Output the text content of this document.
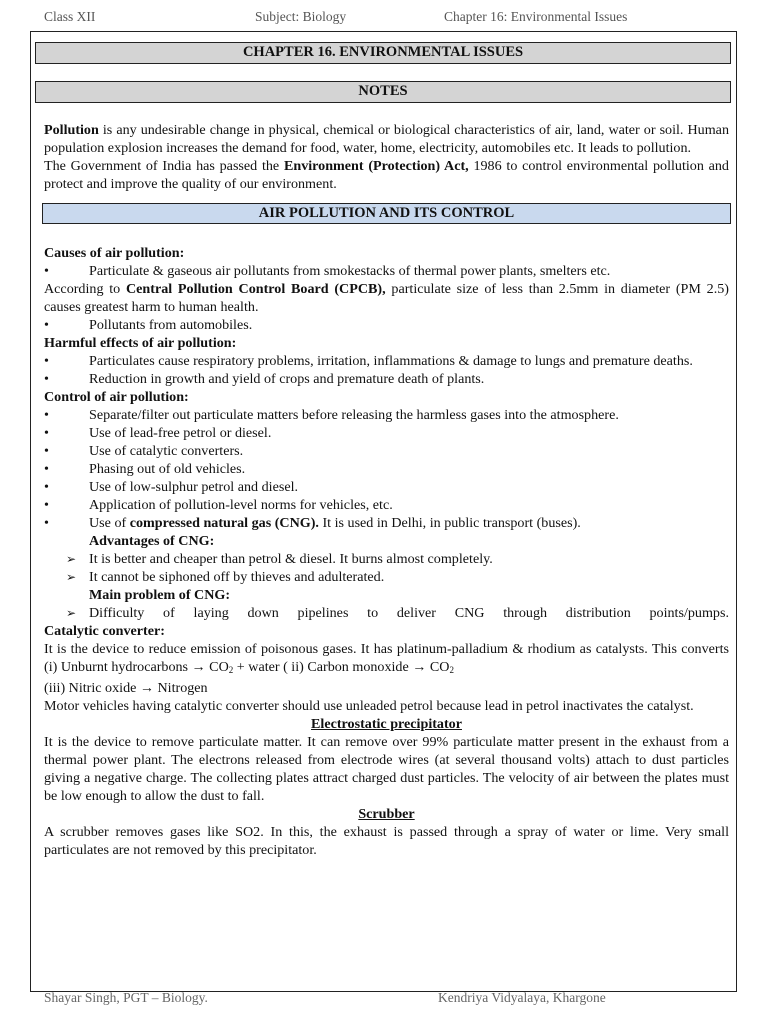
Class XII	Subject: Biology	Chapter 16: Environmental Issues
CHAPTER 16. ENVIRONMENTAL ISSUES
NOTES

Pollution is any undesirable change in physical, chemical or biological characteristics of air, land, water or soil. Human population explosion increases the demand for food, water, home, electricity, automobiles etc. It leads to pollution.

The Government of India has passed the Environment (Protection) Act, 1986 to control environmental pollution and protect and improve the quality of our environment.

AIR POLLUTION AND ITS CONTROL

Causes of air pollution:

•	Particulate & gaseous air pollutants from smokestacks of thermal power plants, smelters etc.

According to Central Pollution Control Board (CPCB), particulate size of less than 2.5mm in diameter (PM 2.5) causes greatest harm to human health.

•	Pollutants from automobiles.

Harmful effects of air pollution:

•	Particulates cause respiratory problems, irritation, inflammations & damage to lungs and premature deaths.

•	Reduction in growth and yield of crops and premature death of plants.

Control of air pollution:

•	Separate/filter out particulate matters before releasing the harmless gases into the atmosphere.

•	Use of lead-free petrol or diesel.

•	Use of catalytic converters.

•	Phasing out of old vehicles.

•	Use of low-sulphur petrol and diesel.

•	Application of pollution-level norms for vehicles, etc.

•	Use of compressed natural gas (CNG). It is used in Delhi, in public transport (buses).

Advantages of CNG:

➢ It is better and cheaper than petrol & diesel. It burns almost completely.

➢ It cannot be siphoned off by thieves and adulterated.

Main problem of CNG:

➢ Difficulty of laying down pipelines to deliver CNG through distribution points/pumps.

Catalytic converter:

It is the device to reduce emission of poisonous gases. It has platinum-palladium & rhodium as catalysts. This converts (i) Unburnt hydrocarbons → $CO_2$ + water ( ii) Carbon monoxide → $CO_2$

(iii) Nitric oxide → Nitrogen

Motor vehicles having catalytic converter should use unleaded petrol because lead in petrol inactivates the catalyst.

Electrostatic precipitator

It is the device to remove particulate matter. It can remove over 99% particulate matter present in the exhaust from a thermal power plant. The electrons released from electrode wires (at several thousand volts) attach to dust particles giving a negative charge. The collecting plates attract charged dust particles. The velocity of air between the plates must be low enough to allow the dust to fall.

Scrubber

A scrubber removes gases like SO2. In this, the exhaust is passed through a spray of water or lime. Very small particulates are not removed by this precipitator.

Shayar Singh, PGT – Biology.	Kendriya Vidyalaya, Khargone
